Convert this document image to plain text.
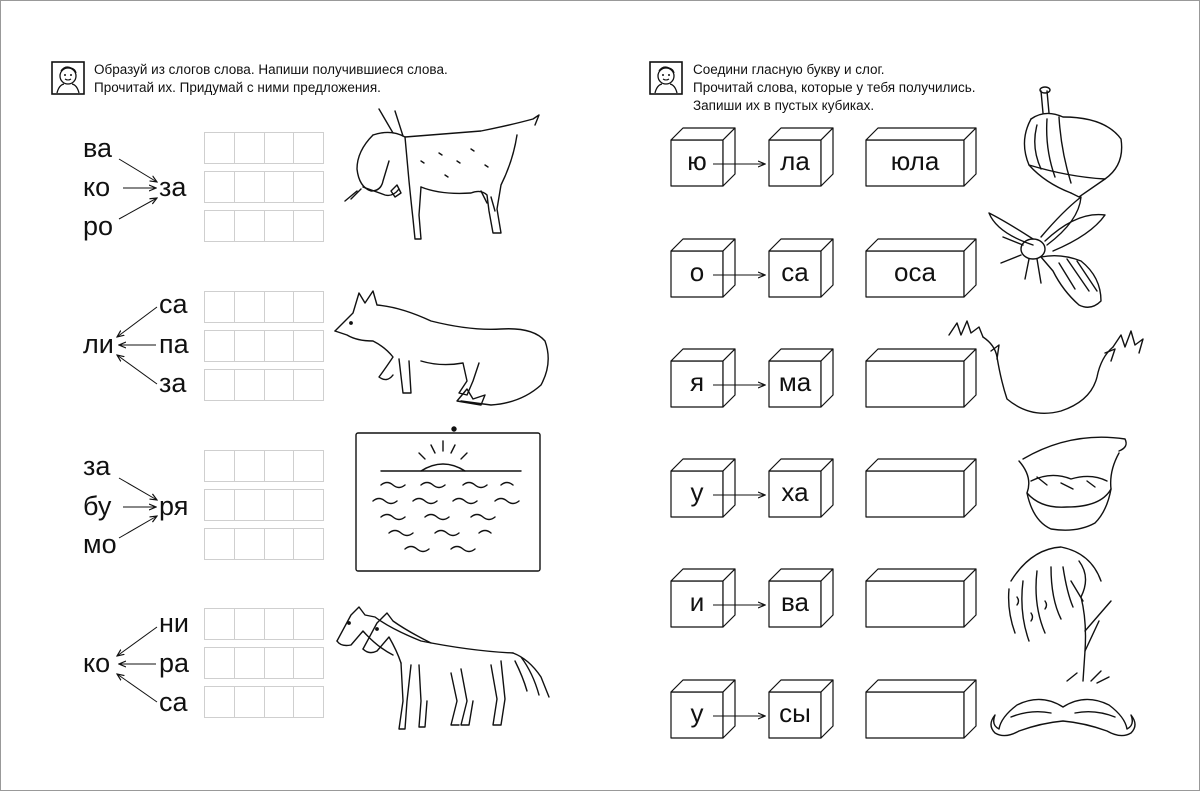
Образуй из слогов слова. Напиши получившиеся слова.
Прочитай их. Придумай с ними предложения.
ва
ко
ро
за
са
па
за
ли
за
бу
мо
ря
ни
ра
са
ко
Соедини гласную букву и слог.
Прочитай слова, которые у тебя получились.
Запиши их в пустых кубиках.
ю	ла	юла
о	са	оса
я	ма
у	ха
и	ва
у	сы
